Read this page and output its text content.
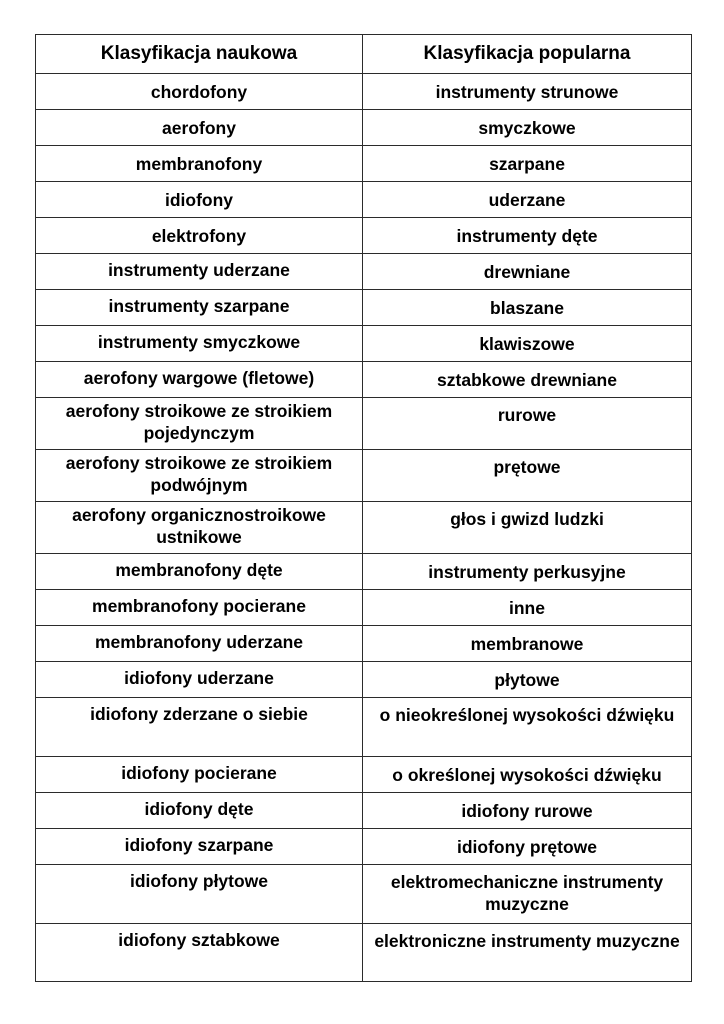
Klasyfikacja naukowa	Klasyfikacja popularna
chordofony	instrumenty strunowe
aerofony	smyczkowe
membranofony	szarpane
idiofony	uderzane
elektrofony	instrumenty dęte
instrumenty uderzane	drewniane
instrumenty szarpane	blaszane
instrumenty smyczkowe	klawiszowe
aerofony wargowe (fletowe)	sztabkowe drewniane
aerofony stroikowe ze stroikiem pojedynczym	rurowe
aerofony stroikowe ze stroikiem podwójnym	prętowe
aerofony organicznostroikowe ustnikowe	głos i gwizd ludzki
membranofony dęte	instrumenty perkusyjne
membranofony pocierane	inne
membranofony uderzane	membranowe
idiofony uderzane	płytowe
idiofony zderzane o siebie	o nieokreślonej wysokości dźwięku
idiofony pocierane	o określonej wysokości dźwięku
idiofony dęte	idiofony rurowe
idiofony szarpane	idiofony prętowe
idiofony płytowe	elektromechaniczne instrumenty muzyczne
idiofony sztabkowe	elektroniczne instrumenty muzyczne
